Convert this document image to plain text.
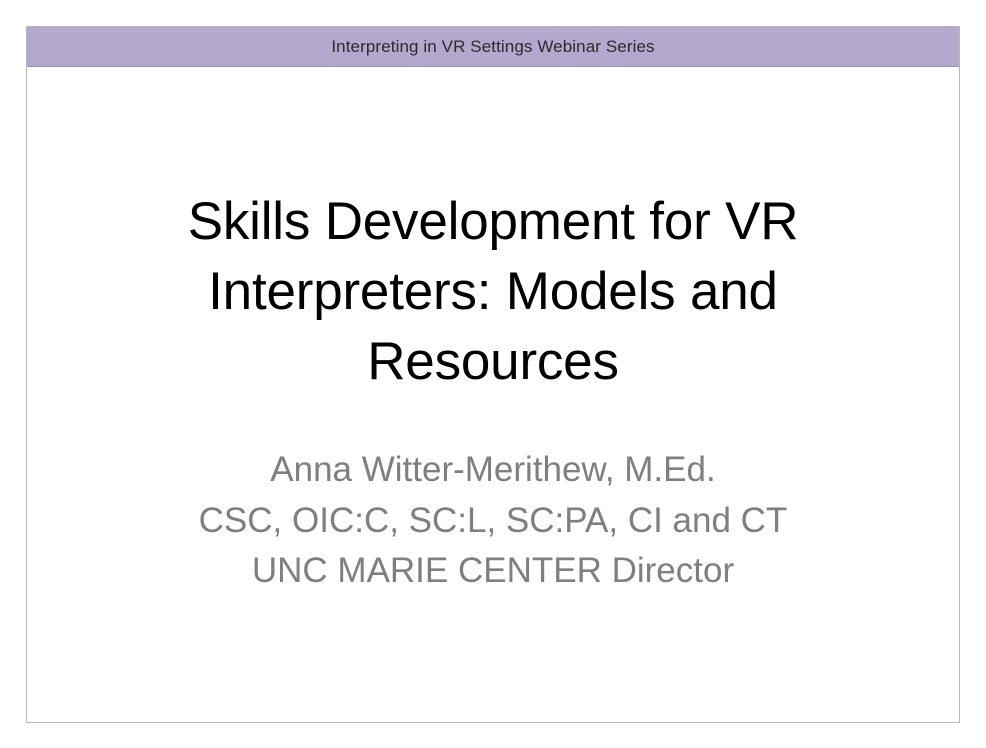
Interpreting in VR Settings Webinar Series
Skills Development for VR Interpreters: Models and Resources
Anna Witter-Merithew, M.Ed.
CSC, OIC:C, SC:L, SC:PA, CI and CT
UNC MARIE CENTER Director
